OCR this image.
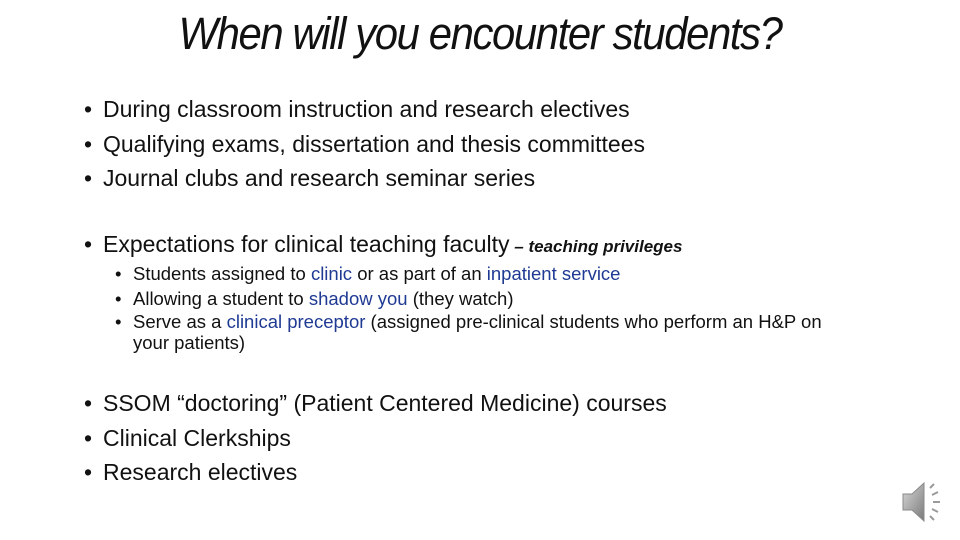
When will you encounter students?
• During classroom instruction and research electives
• Qualifying exams, dissertation and thesis committees
• Journal clubs and research seminar series
• Expectations for clinical teaching faculty – teaching privileges
• Students assigned to clinic or as part of an inpatient service
• Allowing a student to shadow you (they watch)
• Serve as a clinical preceptor (assigned pre-clinical students who perform an H&P on your patients)
• SSOM “doctoring” (Patient Centered Medicine) courses
• Clinical Clerkships
• Research electives
